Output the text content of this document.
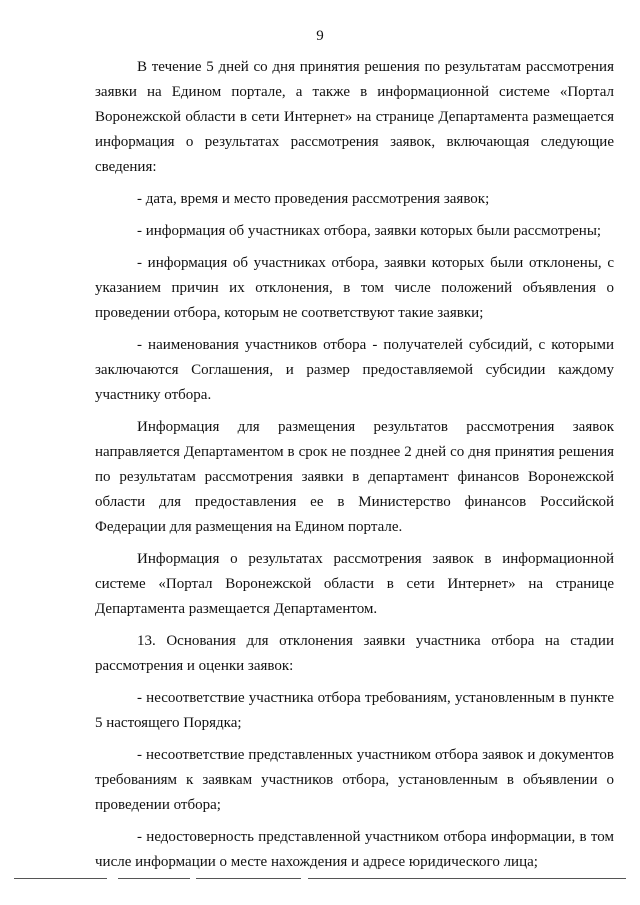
9

В течение 5 дней со дня принятия решения по результатам рассмотрения заявки на Едином портале, а также в информационной системе «Портал Воронежской области в сети Интернет» на странице Департамента размещается информация о результатах рассмотрения заявок, включающая следующие сведения:

- дата, время и место проведения рассмотрения заявок;

- информация об участниках отбора, заявки которых были рассмотрены;

- информация об участниках отбора, заявки которых были отклонены, с указанием причин их отклонения, в том числе положений объявления о проведении отбора, которым не соответствуют такие заявки;

- наименования участников отбора - получателей субсидий, с которыми заключаются Соглашения, и размер предоставляемой субсидии каждому участнику отбора.

Информация для размещения результатов рассмотрения заявок направляется Департаментом в срок не позднее 2 дней со дня принятия решения по результатам рассмотрения заявки в департамент финансов Воронежской области для предоставления ее в Министерство финансов Российской Федерации для размещения на Едином портале.

Информация о результатах рассмотрения заявок в информационной системе «Портал Воронежской области в сети Интернет» на странице Департамента размещается Департаментом.

13. Основания для отклонения заявки участника отбора на стадии рассмотрения и оценки заявок:

- несоответствие участника отбора требованиям, установленным в пункте 5 настоящего Порядка;

- несоответствие представленных участником отбора заявок и документов требованиям к заявкам участников отбора, установленным в объявлении о проведении отбора;

- недостоверность представленной участником отбора информации, в том числе информации о месте нахождения и адресе юридического лица;
